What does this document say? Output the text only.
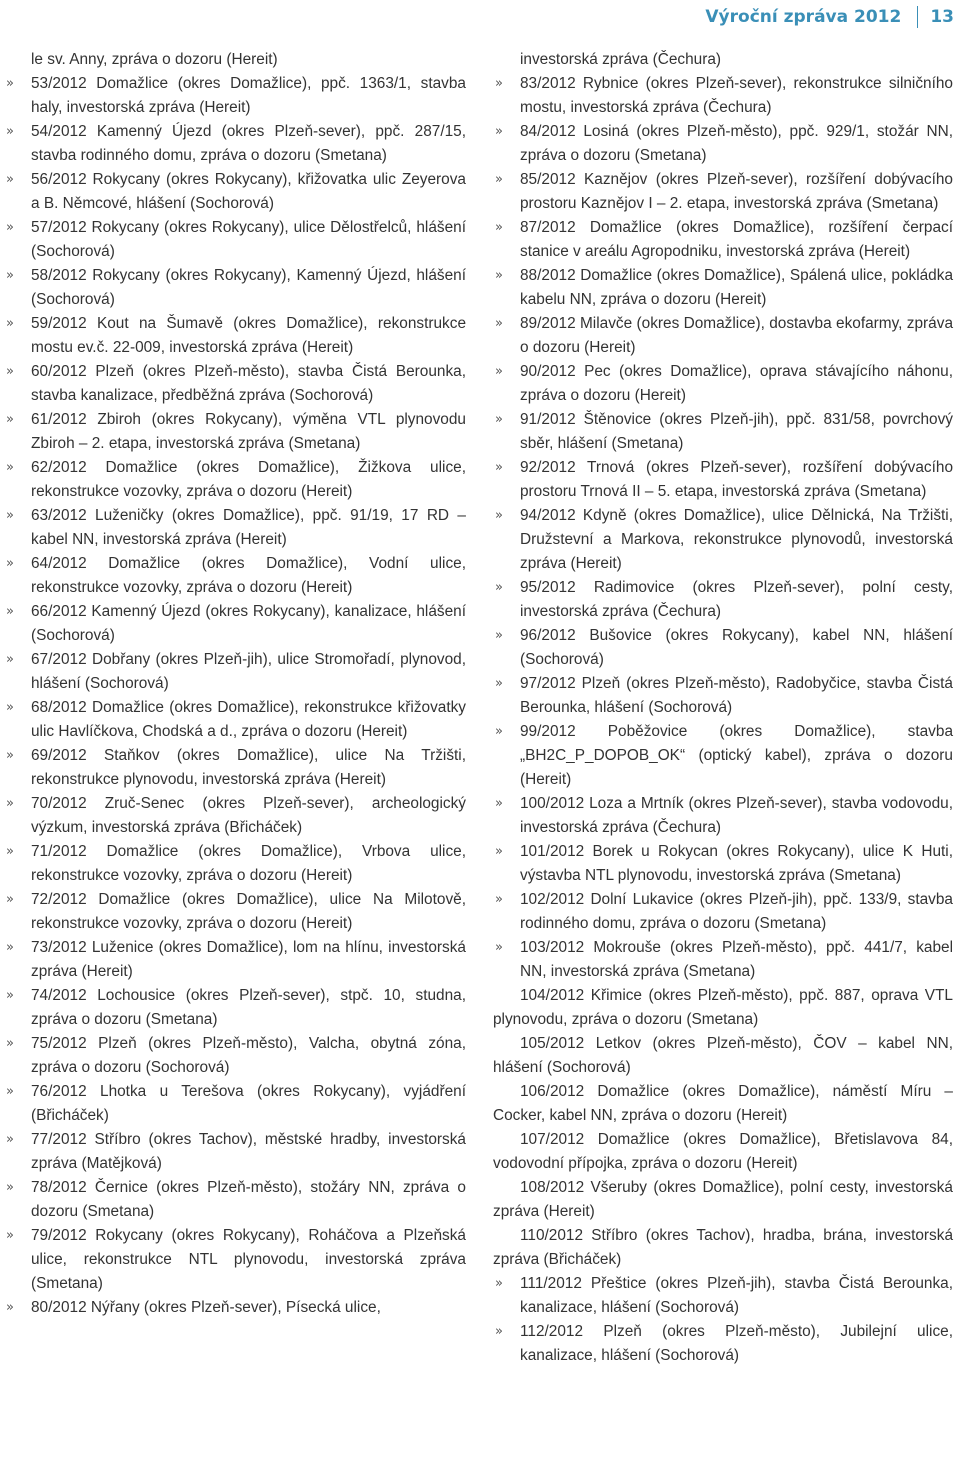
Výroční zpráva 2012 13
le sv. Anny, zpráva o dozoru (Hereit)
» 53/2012 Domažlice (okres Domažlice), ppč. 1363/1, stavba haly, investorská zpráva (Hereit)
» 54/2012 Kamenný Újezd (okres Plzeň-sever), ppč. 287/15, stavba rodinného domu, zpráva o dozoru (Smetana)
» 56/2012 Rokycany (okres Rokycany), křižovatka ulic Zeyerova a B. Němcové, hlášení (Sochorová)
» 57/2012 Rokycany (okres Rokycany), ulice Dělostřelců, hlášení (Sochorová)
» 58/2012 Rokycany (okres Rokycany), Kamenný Újezd, hlášení (Sochorová)
» 59/2012 Kout na Šumavě (okres Domažlice), rekonstrukce mostu ev.č. 22-009, investorská zpráva (Hereit)
» 60/2012 Plzeň (okres Plzeň-město), stavba Čistá Berounka, stavba kanalizace, předběžná zpráva (Sochorová)
» 61/2012 Zbiroh (okres Rokycany), výměna VTL plynovodu Zbiroh – 2. etapa, investorská zpráva (Smetana)
» 62/2012 Domažlice (okres Domažlice), Žižkova ulice, rekonstrukce vozovky, zpráva o dozoru (Hereit)
» 63/2012 Luženičky (okres Domažlice), ppč. 91/19, 17 RD – kabel NN, investorská zpráva (Hereit)
» 64/2012 Domažlice (okres Domažlice), Vodní ulice, rekonstrukce vozovky, zpráva o dozoru (Hereit)
» 66/2012 Kamenný Újezd (okres Rokycany), kanalizace, hlášení (Sochorová)
» 67/2012 Dobřany (okres Plzeň-jih), ulice Stromořadí, plynovod, hlášení (Sochorová)
» 68/2012 Domažlice (okres Domažlice), rekonstrukce křižovatky ulic Havlíčkova, Chodská a d., zpráva o dozoru (Hereit)
» 69/2012 Staňkov (okres Domažlice), ulice Na Tržišti, rekonstrukce plynovodu, investorská zpráva (Hereit)
» 70/2012 Zruč-Senec (okres Plzeň-sever), archeologický výzkum, investorská zpráva (Břicháček)
» 71/2012 Domažlice (okres Domažlice), Vrbova ulice, rekonstrukce vozovky, zpráva o dozoru (Hereit)
» 72/2012 Domažlice (okres Domažlice), ulice Na Milotově, rekonstrukce vozovky, zpráva o dozoru (Hereit)
» 73/2012 Luženice (okres Domažlice), lom na hlínu, investorská zpráva (Hereit)
» 74/2012 Lochousice (okres Plzeň-sever), stpč. 10, studna, zpráva o dozoru (Smetana)
» 75/2012 Plzeň (okres Plzeň-město), Valcha, obytná zóna, zpráva o dozoru (Sochorová)
» 76/2012 Lhotka u Terešova (okres Rokycany), vyjádření (Břicháček)
» 77/2012 Stříbro (okres Tachov), městské hradby, investorská zpráva (Matějková)
» 78/2012 Černice (okres Plzeň-město), stožáry NN, zpráva o dozoru (Smetana)
» 79/2012 Rokycany (okres Rokycany), Roháčova a Plzeňská ulice, rekonstrukce NTL plynovodu, investorská zpráva (Smetana)
» 80/2012 Nýřany (okres Plzeň-sever), Písecká ulice,
investorská zpráva (Čechura)
» 83/2012 Rybnice (okres Plzeň-sever), rekonstrukce silničního mostu, investorská zpráva (Čechura)
» 84/2012 Losiná (okres Plzeň-město), ppč. 929/1, stožár NN, zpráva o dozoru (Smetana)
» 85/2012 Kaznějov (okres Plzeň-sever), rozšíření dobývacího prostoru Kaznějov I – 2. etapa, investorská zpráva (Smetana)
» 87/2012 Domažlice (okres Domažlice), rozšíření čerpací stanice v areálu Agropodniku, investorská zpráva (Hereit)
» 88/2012 Domažlice (okres Domažlice), Spálená ulice, pokládka kabelu NN, zpráva o dozoru (Hereit)
» 89/2012 Milavče (okres Domažlice), dostavba ekofarmy, zpráva o dozoru (Hereit)
» 90/2012 Pec (okres Domažlice), oprava stávajícího náhonu, zpráva o dozoru (Hereit)
» 91/2012 Štěnovice (okres Plzeň-jih), ppč. 831/58, povrchový sběr, hlášení (Smetana)
» 92/2012 Trnová (okres Plzeň-sever), rozšíření dobývacího prostoru Trnová II – 5. etapa, investorská zpráva (Smetana)
» 94/2012 Kdyně (okres Domažlice), ulice Dělnická, Na Tržišti, Družstevní a Markova, rekonstrukce plynovodů, investorská zpráva (Hereit)
» 95/2012 Radimovice (okres Plzeň-sever), polní cesty, investorská zpráva (Čechura)
» 96/2012 Bušovice (okres Rokycany), kabel NN, hlášení (Sochorová)
» 97/2012 Plzeň (okres Plzeň-město), Radobyčice, stavba Čistá Berounka, hlášení (Sochorová)
» 99/2012 Poběžovice (okres Domažlice), stavba „BH2C_P_DOPOB_OK“ (optický kabel), zpráva o dozoru (Hereit)
» 100/2012 Loza a Mrtník (okres Plzeň-sever), stavba vodovodu, investorská zpráva (Čechura)
» 101/2012 Borek u Rokycan (okres Rokycany), ulice K Huti, výstavba NTL plynovodu, investorská zpráva (Smetana)
» 102/2012 Dolní Lukavice (okres Plzeň-jih), ppč. 133/9, stavba rodinného domu, zpráva o dozoru (Smetana)
» 103/2012 Mokrouše (okres Plzeň-město), ppč. 441/7, kabel NN, investorská zpráva (Smetana)
104/2012 Křimice (okres Plzeň-město), ppč. 887, oprava VTL plynovodu, zpráva o dozoru (Smetana)
105/2012 Letkov (okres Plzeň-město), ČOV – kabel NN, hlášení (Sochorová)
106/2012 Domažlice (okres Domažlice), náměstí Míru – Cocker, kabel NN, zpráva o dozoru (Hereit)
107/2012 Domažlice (okres Domažlice), Břetislavova 84, vodovodní přípojka, zpráva o dozoru (Hereit)
108/2012 Všeruby (okres Domažlice), polní cesty, investorská zpráva (Hereit)
110/2012 Stříbro (okres Tachov), hradba, brána, investorská zpráva (Břicháček)
» 111/2012 Přeštice (okres Plzeň-jih), stavba Čistá Berounka, kanalizace, hlášení (Sochorová)
» 112/2012 Plzeň (okres Plzeň-město), Jubilejní ulice, kanalizace, hlášení (Sochorová)
